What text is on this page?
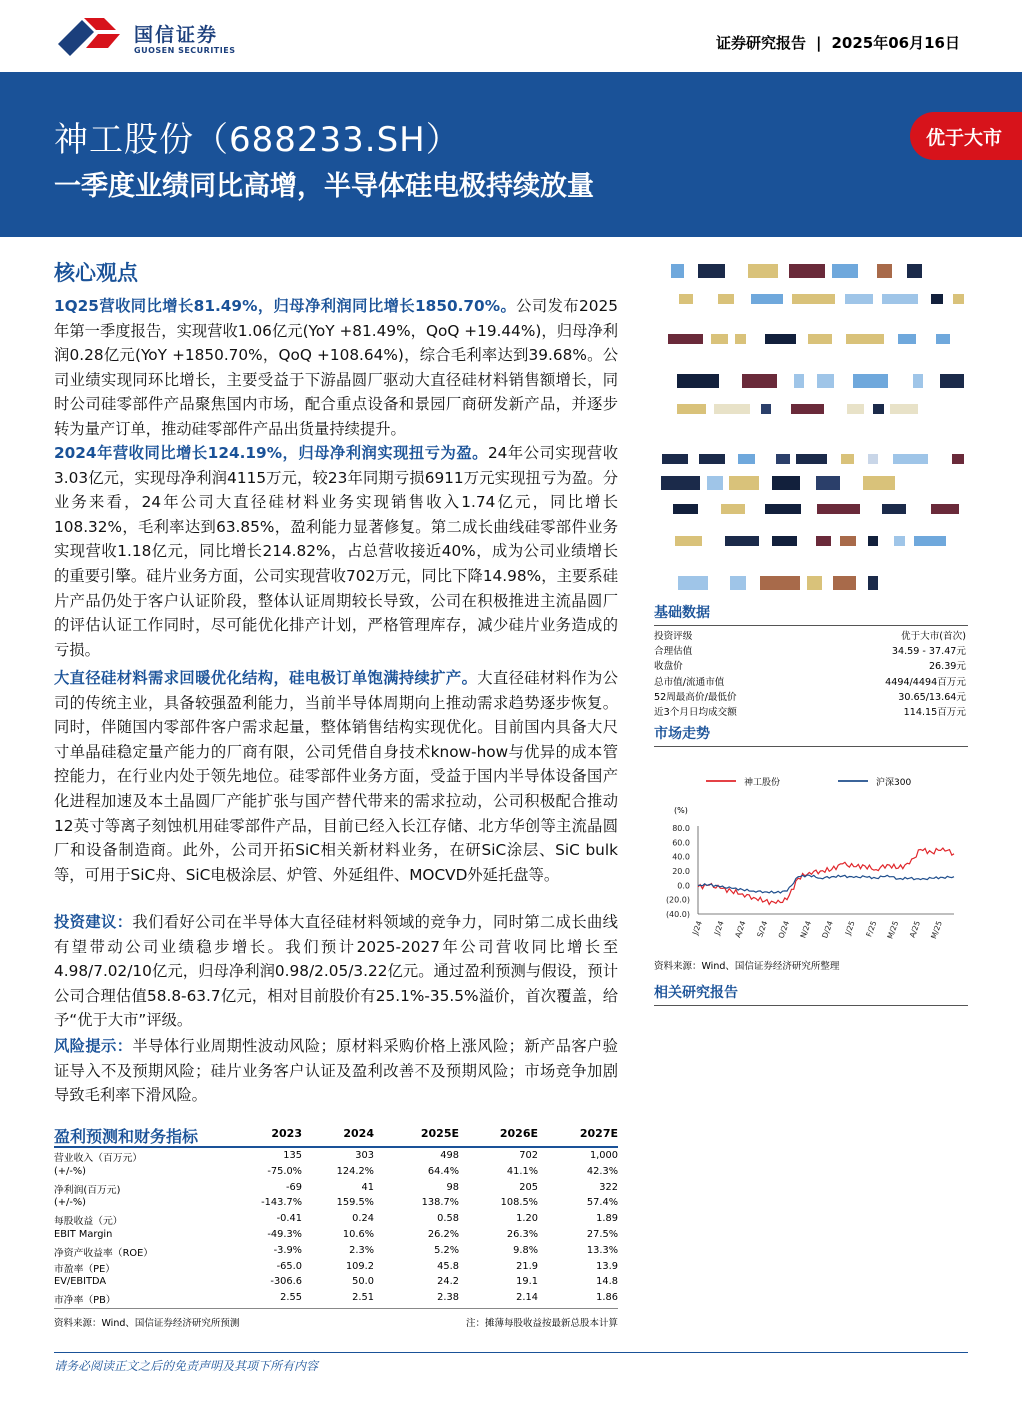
国信证券
GUOSEN SECURITIES	证券研究报告 | 2025年06月16日
神工股份（688233.SH）
一季度业绩同比高增，半导体硅电极持续放量
优于大市
核心观点
1Q25营收同比增长81.49%，归母净利润同比增长1850.70%。公司发布2025年第一季度报告，实现营收1.06亿元(YoY +81.49%，QoQ +19.44%)，归母净利润0.28亿元(YoY +1850.70%，QoQ +108.64%)，综合毛利率达到39.68%。公司业绩实现同环比增长，主要受益于下游晶圆厂驱动大直径硅材料销售额增长，同时公司硅零部件产品聚焦国内市场，配合重点设备和景园厂商研发新产品，并逐步转为量产订单，推动硅零部件产品出货量持续提升。
2024年营收同比增长124.19%，归母净利润实现扭亏为盈。24年公司实现营收3.03亿元，实现母净利润4115万元，较23年同期亏损6911万元实现扭亏为盈。分业务来看，24年公司大直径硅材料业务实现销售收入1.74亿元，同比增长108.32%，毛利率达到63.85%，盈利能力显著修复。第二成长曲线硅零部件业务实现营收1.18亿元，同比增长214.82%，占总营收接近40%，成为公司业绩增长的重要引擎。硅片业务方面，公司实现营收702万元，同比下降14.98%，主要系硅片产品仍处于客户认证阶段，整体认证周期较长导致，公司在积极推进主流晶圆厂的评估认证工作同时，尽可能优化排产计划，严格管理库存，减少硅片业务造成的亏损。
大直径硅材料需求回暖优化结构，硅电极订单饱满持续扩产。大直径硅材料作为公司的传统主业，具备较强盈利能力，当前半导体周期向上推动需求趋势逐步恢复。同时，伴随国内零部件客户需求起量，整体销售结构实现优化。目前国内具备大尺寸单晶硅稳定量产能力的厂商有限，公司凭借自身技术know-how与优异的成本管控能力，在行业内处于领先地位。硅零部件业务方面，受益于国内半导体设备国产化进程加速及本土晶圆厂产能扩张与国产替代带来的需求拉动，公司积极配合推动12英寸等离子刻蚀机用硅零部件产品，目前已经入长江存储、北方华创等主流晶圆厂和设备制造商。此外，公司开拓SiC相关新材料业务，在研SiC涂层、SiC bulk等，可用于SiC舟、SiC电极涂层、炉管、外延组件、MOCVD外延托盘等。
投资建议：我们看好公司在半导体大直径硅材料领域的竞争力，同时第二成长曲线有望带动公司业绩稳步增长。我们预计2025-2027年公司营收同比增长至4.98/7.02/10亿元，归母净利润0.98/2.05/3.22亿元。通过盈利预测与假设，预计公司合理估值58.8-63.7亿元，相对目前股价有25.1%-35.5%溢价，首次覆盖，给予“优于大市”评级。
风险提示：半导体行业周期性波动风险；原材料采购价格上涨风险；新产品客户验证导入不及预期风险；硅片业务客户认证及盈利改善不及预期风险；市场竞争加剧导致毛利率下滑风险。
盈利预测和财务指标	2023	2024	2025E	2026E	2027E
营业收入（百万元）	135	303	498	702	1,000
(+/-%)	-75.0%	124.2%	64.4%	41.1%	42.3%
净利润(百万元)	-69	41	98	205	322
(+/-%)	-143.7%	159.5%	138.7%	108.5%	57.4%
每股收益（元）	-0.41	0.24	0.58	1.20	1.89
EBIT Margin	-49.3%	10.6%	26.2%	26.3%	27.5%
净资产收益率（ROE）	-3.9%	2.3%	5.2%	9.8%	13.3%
市盈率（PE）	-65.0	109.2	45.8	21.9	13.9
EV/EBITDA	-306.6	50.0	24.2	19.1	14.8
市净率（PB）	2.55	2.51	2.38	2.14	1.86
资料来源：Wind、国信证券经济研究所预测	注：摊薄每股收益按最新总股本计算
基础数据
投资评级	优于大市(首次)
合理估值	34.59 - 37.47元
收盘价	26.39元
总市值/流通市值	4494/4494百万元
52周最高价/最低价	30.65/13.64元
近3个月日均成交额	114.15百万元
市场走势
神工股份	沪深300
(%)
80.0
60.0
40.0
20.0
0.0
(20.0)
(40.0)
J/24 J/24 A/24 S/24 O/24 N/24 D/24 J/25 F/25 M/25 A/25 M/25
资料来源：Wind、国信证券经济研究所整理
相关研究报告
请务必阅读正文之后的免责声明及其项下所有内容
